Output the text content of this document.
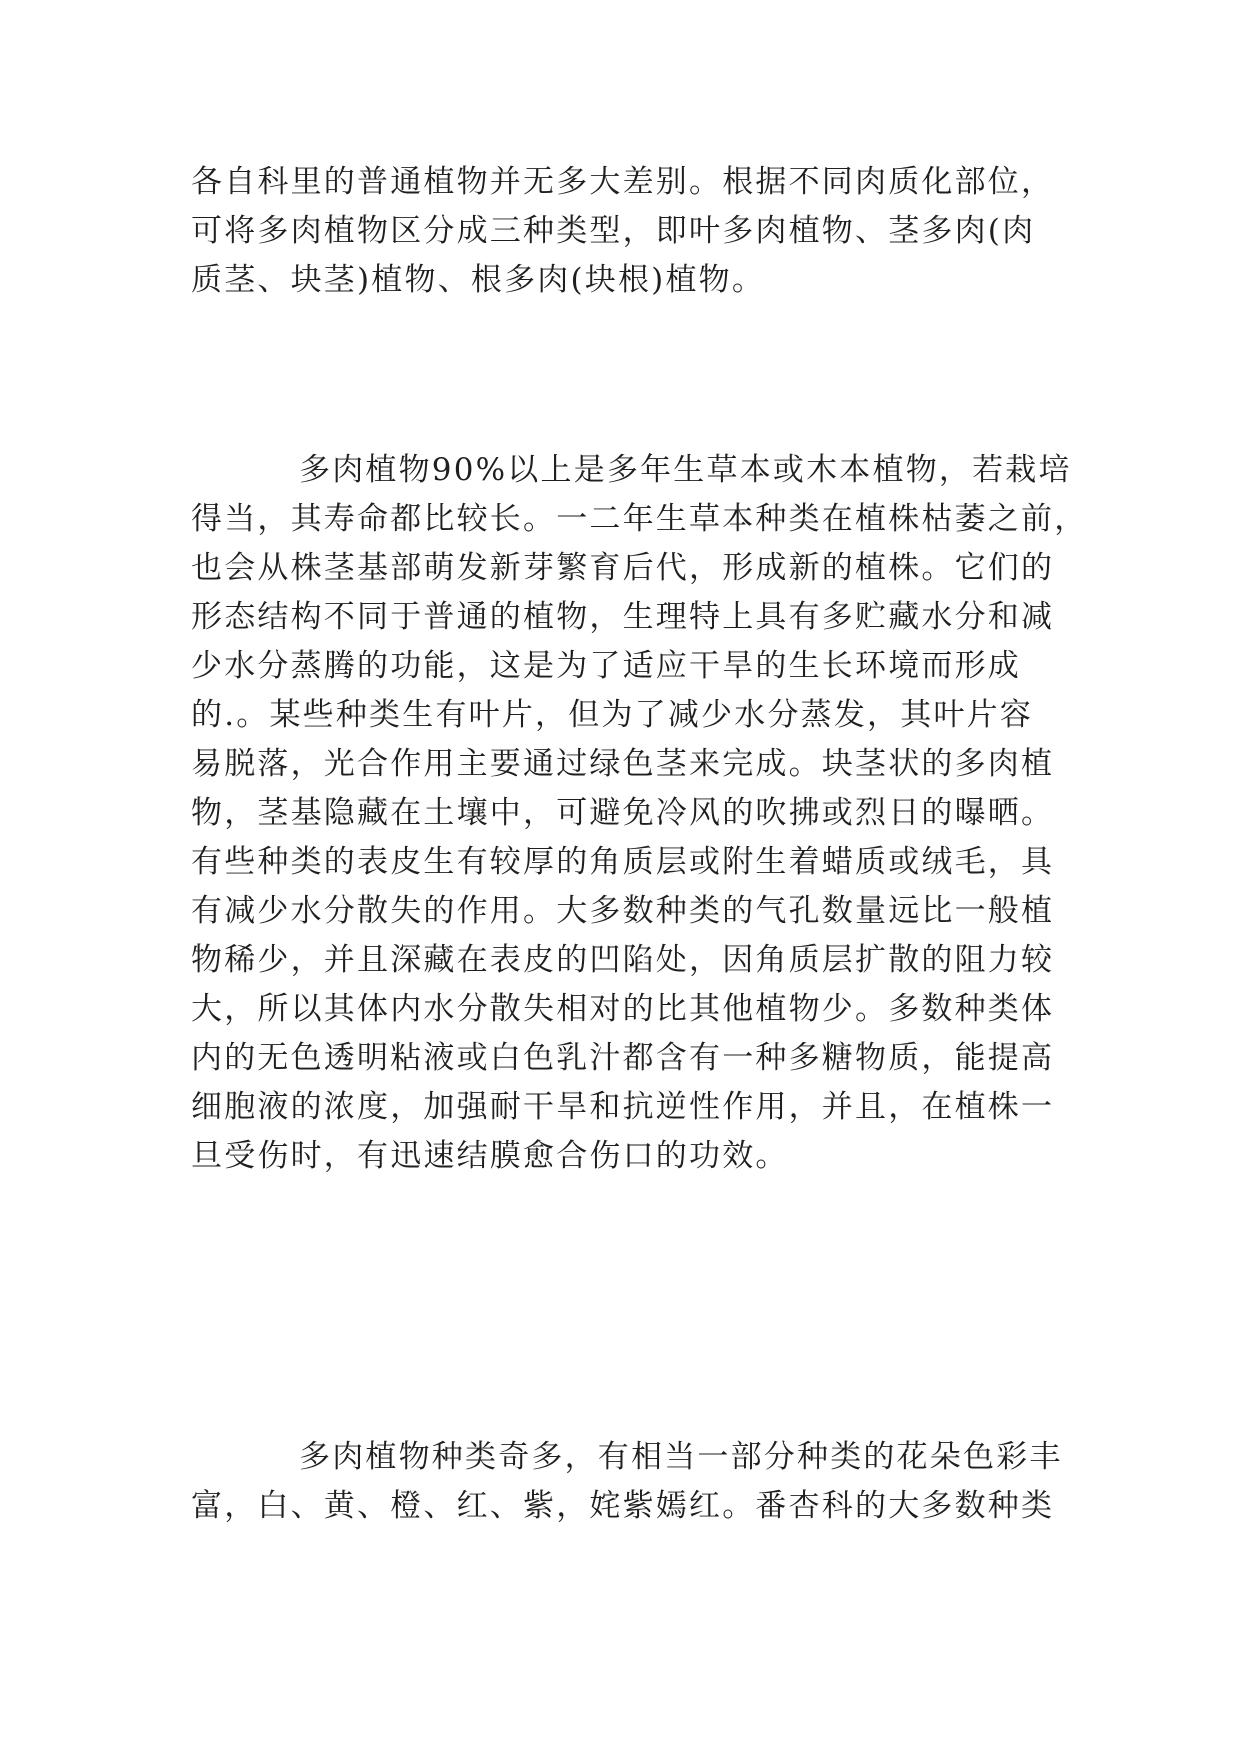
各自科里的普通植物并无多大差别。根据不同肉质化部位，
可将多肉植物区分成三种类型，即叶多肉植物、茎多肉(肉
质茎、块茎)植物、根多肉(块根)植物。
多肉植物90%以上是多年生草本或木本植物，若栽培
得当，其寿命都比较长。一二年生草本种类在植株枯萎之前，
也会从株茎基部萌发新芽繁育后代，形成新的植株。它们的
形态结构不同于普通的植物，生理特上具有多贮藏水分和减
少水分蒸腾的功能，这是为了适应干旱的生长环境而形成
的.。某些种类生有叶片，但为了减少水分蒸发，其叶片容
易脱落，光合作用主要通过绿色茎来完成。块茎状的多肉植
物，茎基隐藏在土壤中，可避免冷风的吹拂或烈日的曝晒。
有些种类的表皮生有较厚的角质层或附生着蜡质或绒毛，具
有减少水分散失的作用。大多数种类的气孔数量远比一般植
物稀少，并且深藏在表皮的凹陷处，因角质层扩散的阻力较
大，所以其体内水分散失相对的比其他植物少。多数种类体
内的无色透明粘液或白色乳汁都含有一种多糖物质，能提高
细胞液的浓度，加强耐干旱和抗逆性作用，并且，在植株一
旦受伤时，有迅速结膜愈合伤口的功效。
多肉植物种类奇多，有相当一部分种类的花朵色彩丰
富，白、黄、橙、红、紫，姹紫嫣红。番杏科的大多数种类
